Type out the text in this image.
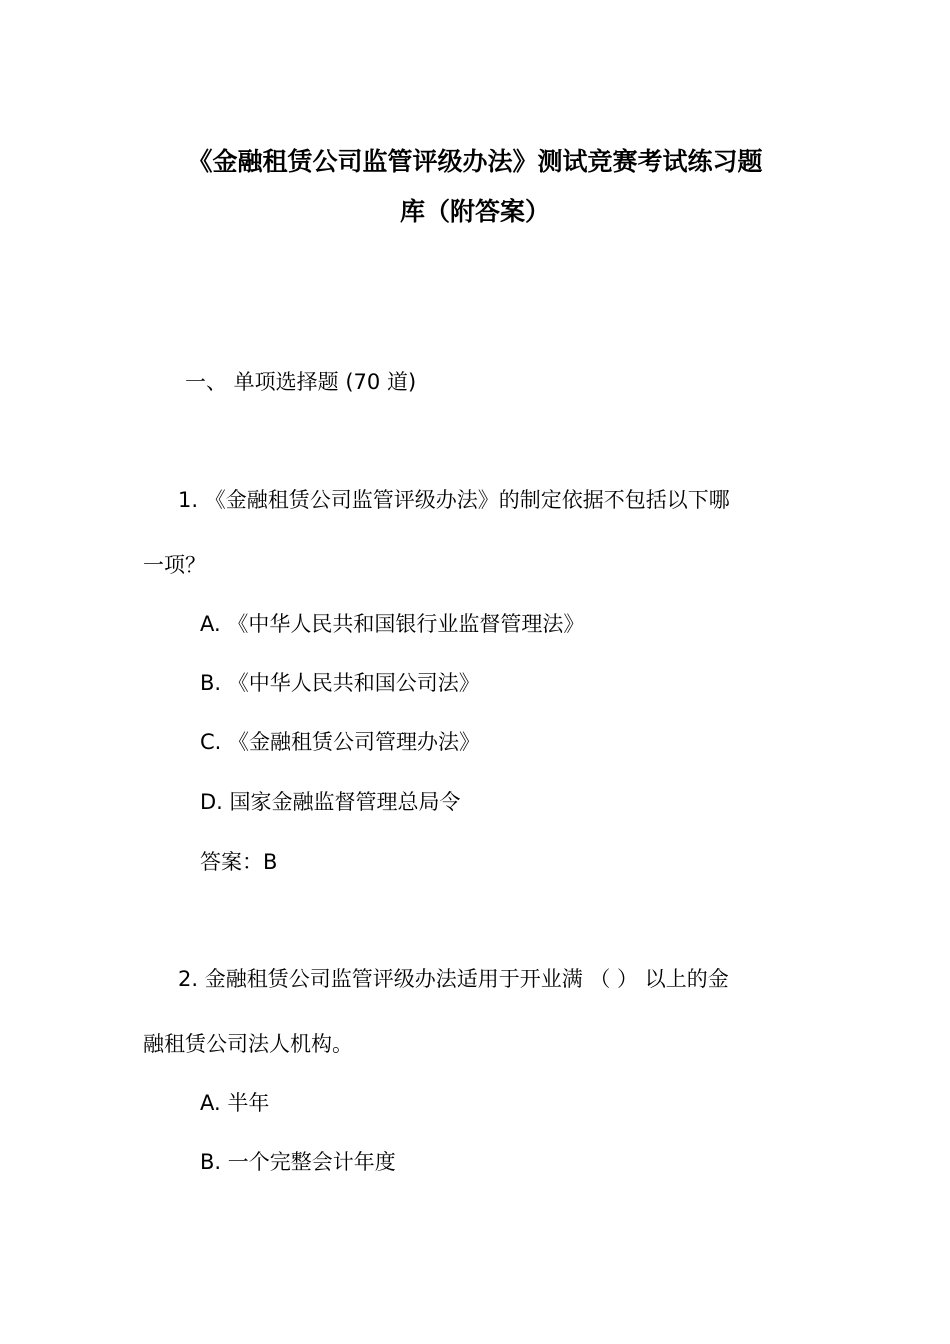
《金融租赁公司监管评级办法》测试竞赛考试练习题
库（附答案）

一、 单项选择题 (70 道)

1. 《金融租赁公司监管评级办法》的制定依据不包括以下哪

一项？

A. 《中华人民共和国银行业监督管理法》

B. 《中华人民共和国公司法》

C. 《金融租赁公司管理办法》

D. 国家金融监督管理总局令

答案：B

2. 金融租赁公司监管评级办法适用于开业满 （ ） 以上的金

融租赁公司法人机构。

A. 半年

B. 一个完整会计年度
